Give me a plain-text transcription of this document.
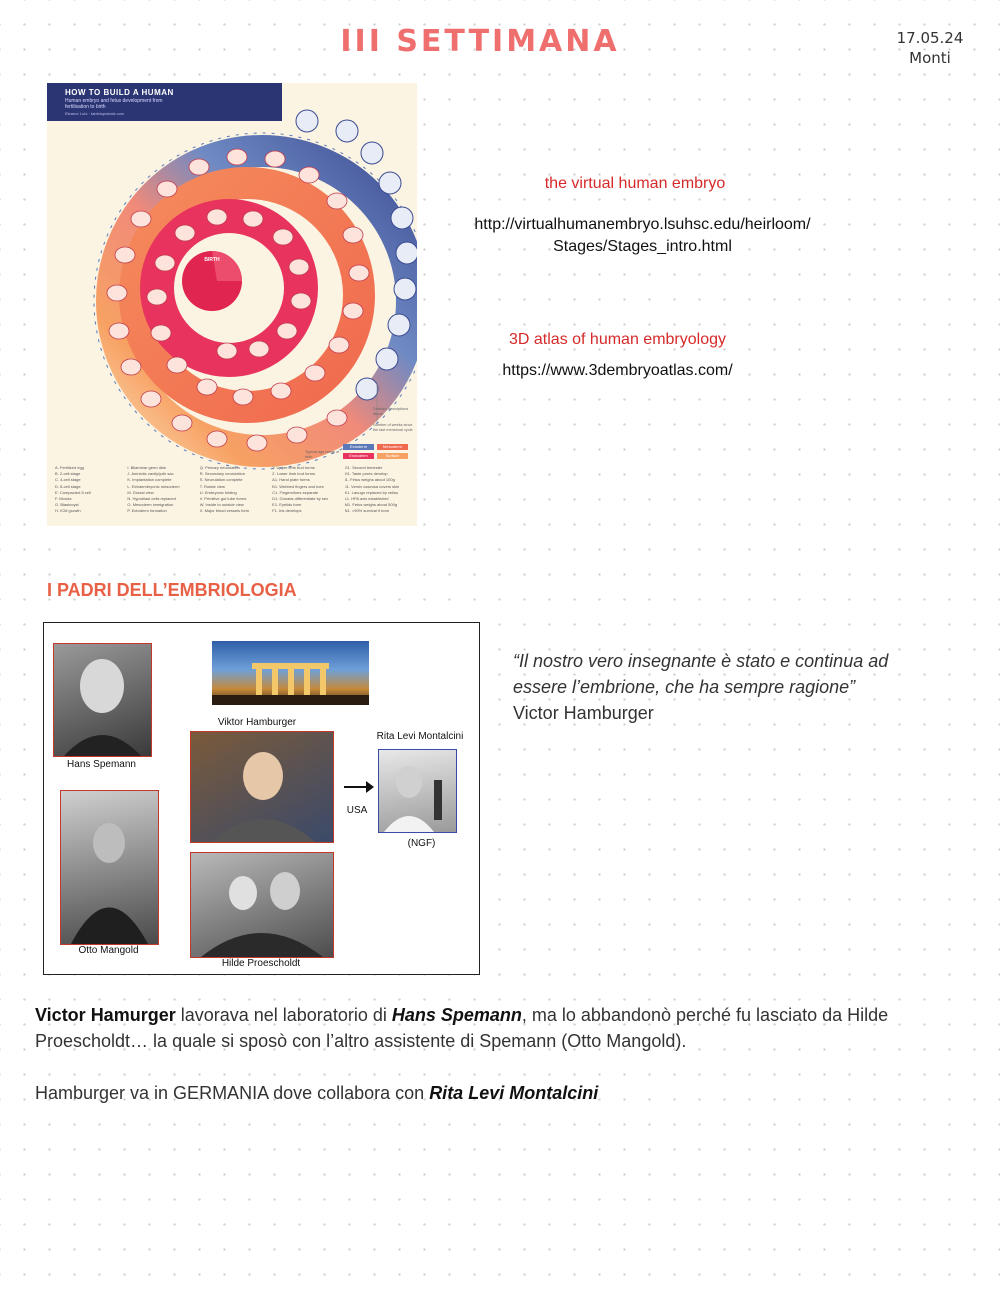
III SETTIMANA	17.05.24
Monti
HOW TO BUILD A HUMAN
Human embryo and fetus development from fertilisation to birth
Eleanor Lutz · tabletopwhale.com
BIRTH
Detailed descriptions above
Number of weeks since the last menstrual cycle
Typical age range of birth
Ectoderm	Mesoderm
Endoderm	Surface
A. Fertilized egg
B. 2-cell stage
C. 4-cell stage
D. 8-cell stage
E. Compacted 8 cell
F. Morula
G. Blastocyst
H. ICM growth
I. Bilaminar germ disk
J. Amniotic cavity/yolk sac
K. Implantation complete
L. Extraembryonic mesoderm
M. Dorsal view
N. Hypoblast cells replaced
O. Mesoderm immigration
P. Ectoderm formation
Q. Primary neurulation
R. Secondary neurulation
S. Neurulation complete
T. Rotate view
U. Embryonic folding
V. Primitive gut tube forms
W. Inside to outside view
X. Major blood vessels form
Y. Upper limb bud forms
Z. Lower limb bud forms
A1. Hand plate forms
B1. Webbed fingers and toes
C1. Fingers/toes separate
D1. Gonads differentiate by sex
E1. Eyelids form
F1. Iris develops
G1. Second trimester
H1. Taste pores develop
I1. Fetus weighs about 100g
J1. Vernix caseosa covers skin
K1. Lanugo replaced by vellus
L1. HPA axis established
M1. Fetus weighs about 500g
N1. >90% survival if born
the virtual human embryo
http://virtualhumanembryo.lsuhsc.edu/heirloom/
Stages/Stages_intro.html
3D atlas of human embryology
https://www.3dembryoatlas.com/
I PADRI DELL’EMBRIOLOGIA
Hans Spemann
Viktor Hamburger
USA
Rita Levi Montalcini
(NGF)
Otto Mangold
Hilde Proescholdt
“Il nostro vero insegnante è stato e continua ad essere l’embrione, che ha sempre ragione”
Victor Hamburger
Victor Hamurger lavorava nel laboratorio di Hans Spemann, ma lo abbandonò perché fu lasciato da Hilde Proescholdt… la quale si sposò con l’altro assistente di Spemann (Otto Mangold).
Hamburger va in GERMANIA dove collabora con Rita Levi Montalcini
